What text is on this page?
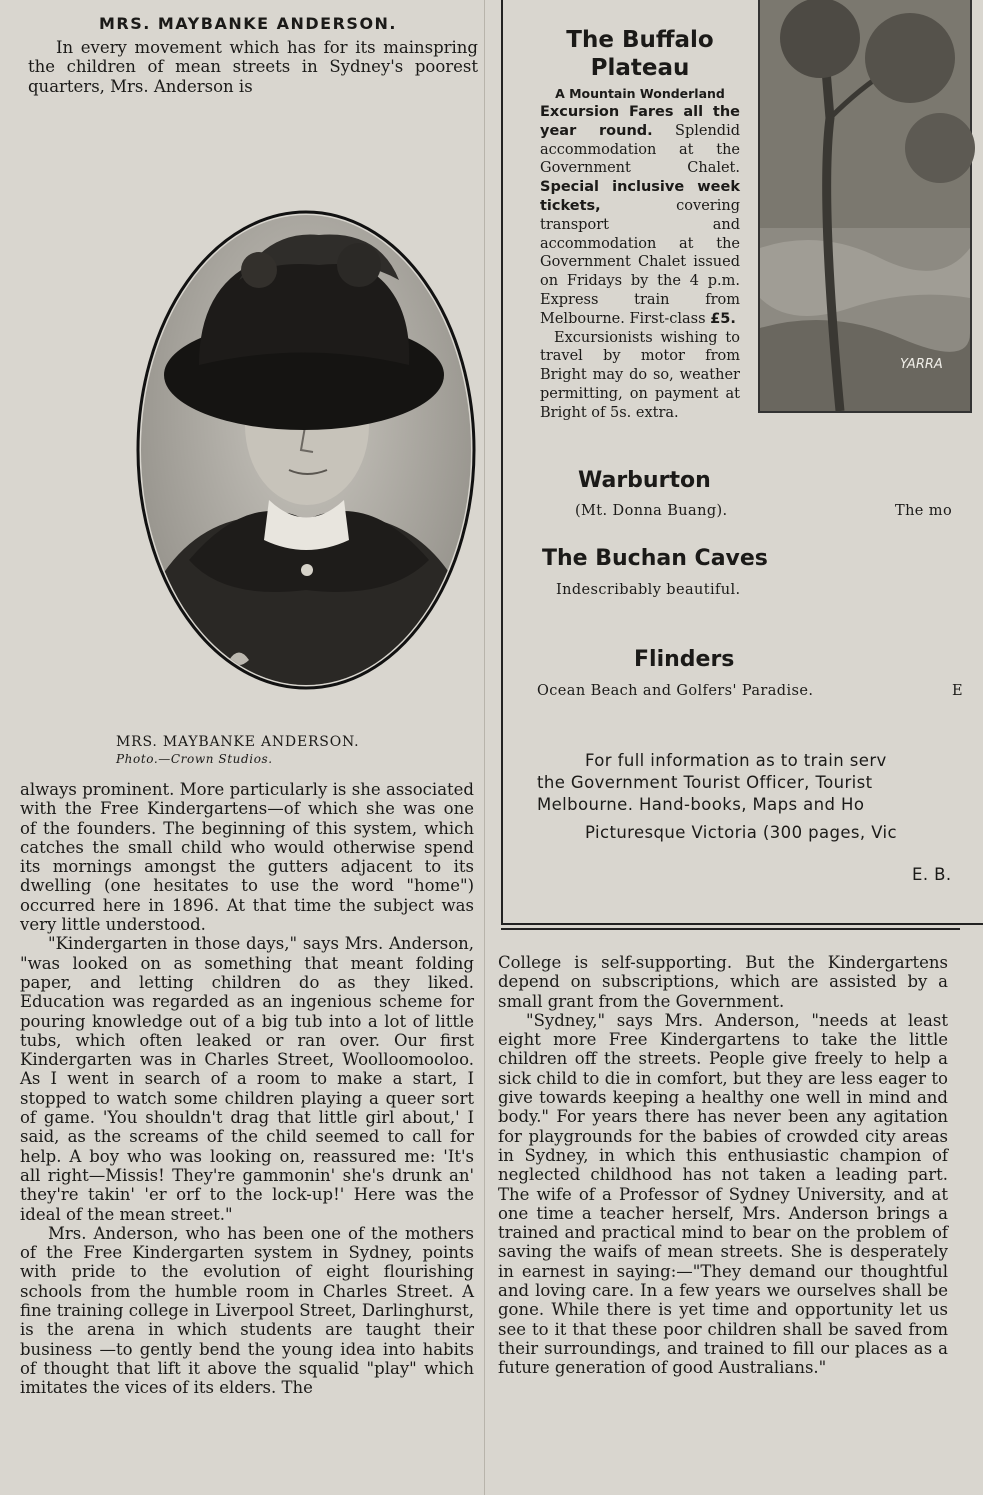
MRS. MAYBANKE ANDERSON.

In every movement which has for its mainspring the children of mean streets in Sydney's poorest quarters, Mrs. Anderson is

MRS. MAYBANKE ANDERSON.
Photo.—Crown Studios.

always prominent. More particularly is she associated with the Free Kindergartens—of which she was one of the founders. The beginning of this system, which catches the small child who would otherwise spend its mornings amongst the gutters adjacent to its dwelling (one hesitates to use the word "home") occurred here in 1896. At that time the subject was very little understood.

"Kindergarten in those days," says Mrs. Anderson, "was looked on as something that meant folding paper, and letting children do as they liked. Education was regarded as an ingenious scheme for pouring knowledge out of a big tub into a lot of little tubs, which often leaked or ran over. Our first Kindergarten was in Charles Street, Woolloomooloo. As I went in search of a room to make a start, I stopped to watch some children playing a queer sort of game. 'You shouldn't drag that little girl about,' I said, as the screams of the child seemed to call for help. A boy who was looking on, reassured me: 'It's all right—Missis! They're gammonin' she's drunk an' they're takin' 'er orf to the lock-up!' Here was the ideal of the mean street."

Mrs. Anderson, who has been one of the mothers of the Free Kindergarten system in Sydney, points with pride to the evolution of eight flourishing schools from the humble room in Charles Street. A fine training college in Liverpool Street, Darlinghurst, is the arena in which students are taught their business —to gently bend the young idea into habits of thought that lift it above the squalid "play" which imitates the vices of its elders. The

YARRA
The Buffalo Plateau
A Mountain Wonderland
Excursion Fares all the year round. Splendid accommodation at the Government Chalet. Special inclusive week tickets,	covering transport and accommodation at the Government Chalet issued on Fridays by the 4 p.m. Express train from Melbourne. First-class £5.
Excursionists wishing to travel by motor from Bright may do so, weather permitting, on payment at Bright of 5s. extra.
Warburton
(Mt. Donna Buang).	The mo
The Buchan Caves
Indescribably beautiful.
Flinders
Ocean Beach and Golfers' Paradise.	E
For full information as to train serv
the Government Tourist Officer, Tourist
Melbourne. Hand-books, Maps and Ho
Picturesque Victoria (300 pages, Vic
E. B.

College is self-supporting. But the Kindergartens depend on subscriptions, which are assisted by a small grant from the Government.

"Sydney," says Mrs. Anderson, "needs at least eight more Free Kindergartens to take the little children off the streets. People give freely to help a sick child to die in comfort, but they are less eager to give towards keeping a healthy one well in mind and body." For years there has never been any agitation for playgrounds for the babies of crowded city areas in Sydney, in which this enthusiastic champion of neglected childhood has not taken a leading part. The wife of a Professor of Sydney University, and at one time a teacher herself, Mrs. Anderson brings a trained and practical mind to bear on the problem of saving the waifs of mean streets. She is desperately in earnest in saying:—"They demand our thoughtful and loving care. In a few years we ourselves shall be gone. While there is yet time and opportunity let us see to it that these poor children shall be saved from their surroundings, and trained to fill our places as a future generation of good Australians."
